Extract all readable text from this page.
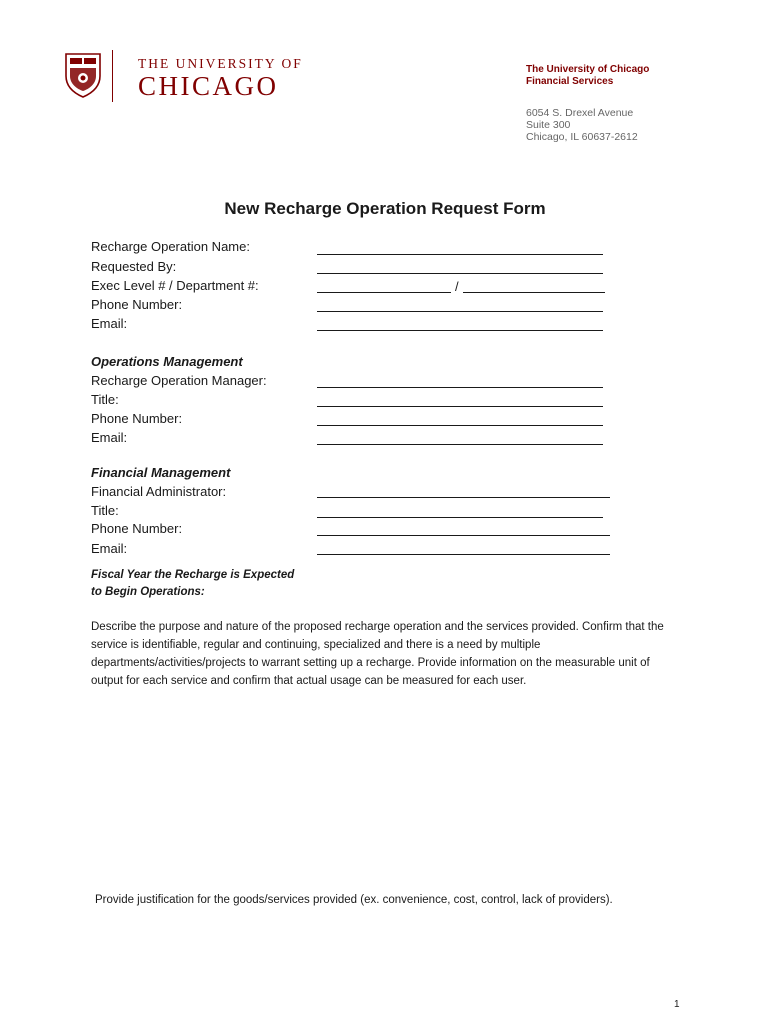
THE UNIVERSITY OF
CHICAGO
The University of Chicago
Financial Services
6054 S. Drexel Avenue
Suite 300
Chicago, IL 60637-2612
New Recharge Operation Request Form
Recharge Operation Name:
Requested By:
Exec Level # / Department #:
Phone Number:
Email:
/
Operations Management
Recharge Operation Manager:
Title:
Phone Number:
Email:
Financial Management
Financial Administrator:
Title:
Phone Number:
Email:
Fiscal Year the Recharge is Expected
to Begin Operations:
Describe the purpose and nature of the proposed recharge operation and the services provided. Confirm that the service is identifiable, regular and continuing, specialized and there is a need by multiple departments/activities/projects to warrant setting up a recharge. Provide information on the measurable unit of output for each service and confirm that actual usage can be measured for each user.
Provide justification for the goods/services provided (ex. convenience, cost, control, lack of providers).
1
